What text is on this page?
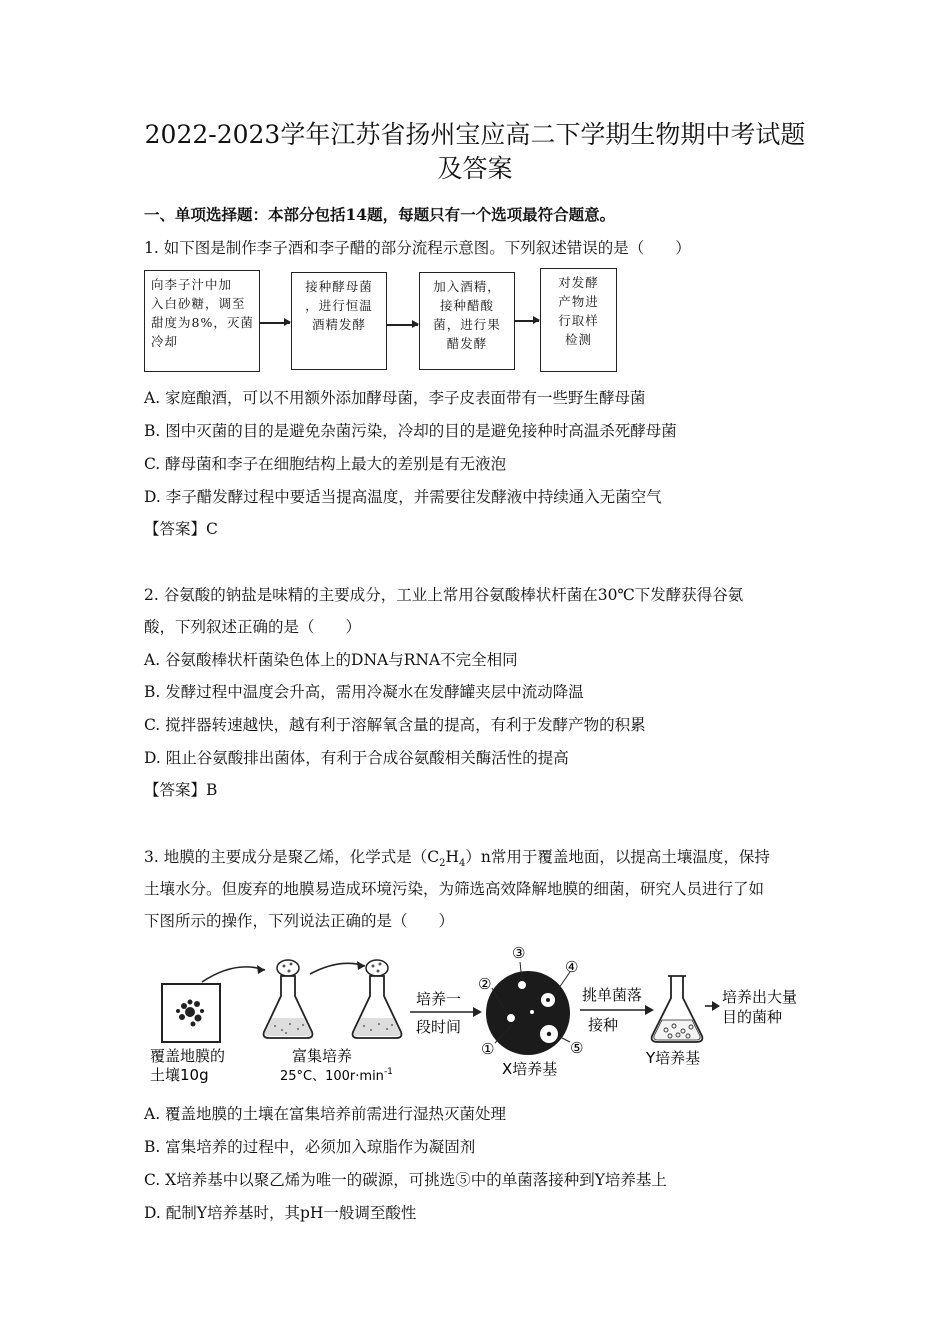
2022-2023学年江苏省扬州宝应高二下学期生物期中考试题
及答案
一、单项选择题：本部分包括14题，每题只有一个选项最符合题意。
1. 如下图是制作李子酒和李子醋的部分流程示意图。下列叙述错误的是（　　）
向李子汁中加
入白砂糖，调至
甜度为8%，灭菌
冷却
接种酵母菌
，进行恒温
酒精发酵
加入酒精，
接种醋酸
菌，进行果
醋发酵
对发酵
产物进
行取样
检测
A. 家庭酿酒，可以不用额外添加酵母菌，李子皮表面带有一些野生酵母菌
B. 图中灭菌的目的是避免杂菌污染，冷却的目的是避免接种时高温杀死酵母菌
C. 酵母菌和李子在细胞结构上最大的差别是有无液泡
D. 李子醋发酵过程中要适当提高温度，并需要往发酵液中持续通入无菌空气
【答案】C
2. 谷氨酸的钠盐是味精的主要成分，工业上常用谷氨酸棒状杆菌在30℃下发酵获得谷氨
酸，下列叙述正确的是（　　）
A. 谷氨酸棒状杆菌染色体上的DNA与RNA不完全相同
B. 发酵过程中温度会升高，需用冷凝水在发酵罐夹层中流动降温
C. 搅拌器转速越快，越有利于溶解氧含量的提高，有利于发酵产物的积累
D. 阻止谷氨酸排出菌体，有利于合成谷氨酸相关酶活性的提高
【答案】B
3. 地膜的主要成分是聚乙烯，化学式是$(C_2H_4)n$常用于覆盖地面，以提高土壤温度，保持
土壤水分。但废弃的地膜易造成环境污染，为筛选高效降解地膜的细菌，研究人员进行了如
下图所示的操作，下列说法正确的是（　　）
覆盖地膜的
土壤10g
富集培养
25°C、$100r\cdot\min^{-1}$
培养一
段时间
①
②
③
④
⑤
X培养基
挑单菌落
接种
Y培养基
培养出大量
目的菌种
A. 覆盖地膜的土壤在富集培养前需进行湿热灭菌处理
B. 富集培养的过程中，必须加入琼脂作为凝固剂
C. X培养基中以聚乙烯为唯一的碳源，可挑选⑤中的单菌落接种到Y培养基上
D. 配制Y培养基时，其pH一般调至酸性
